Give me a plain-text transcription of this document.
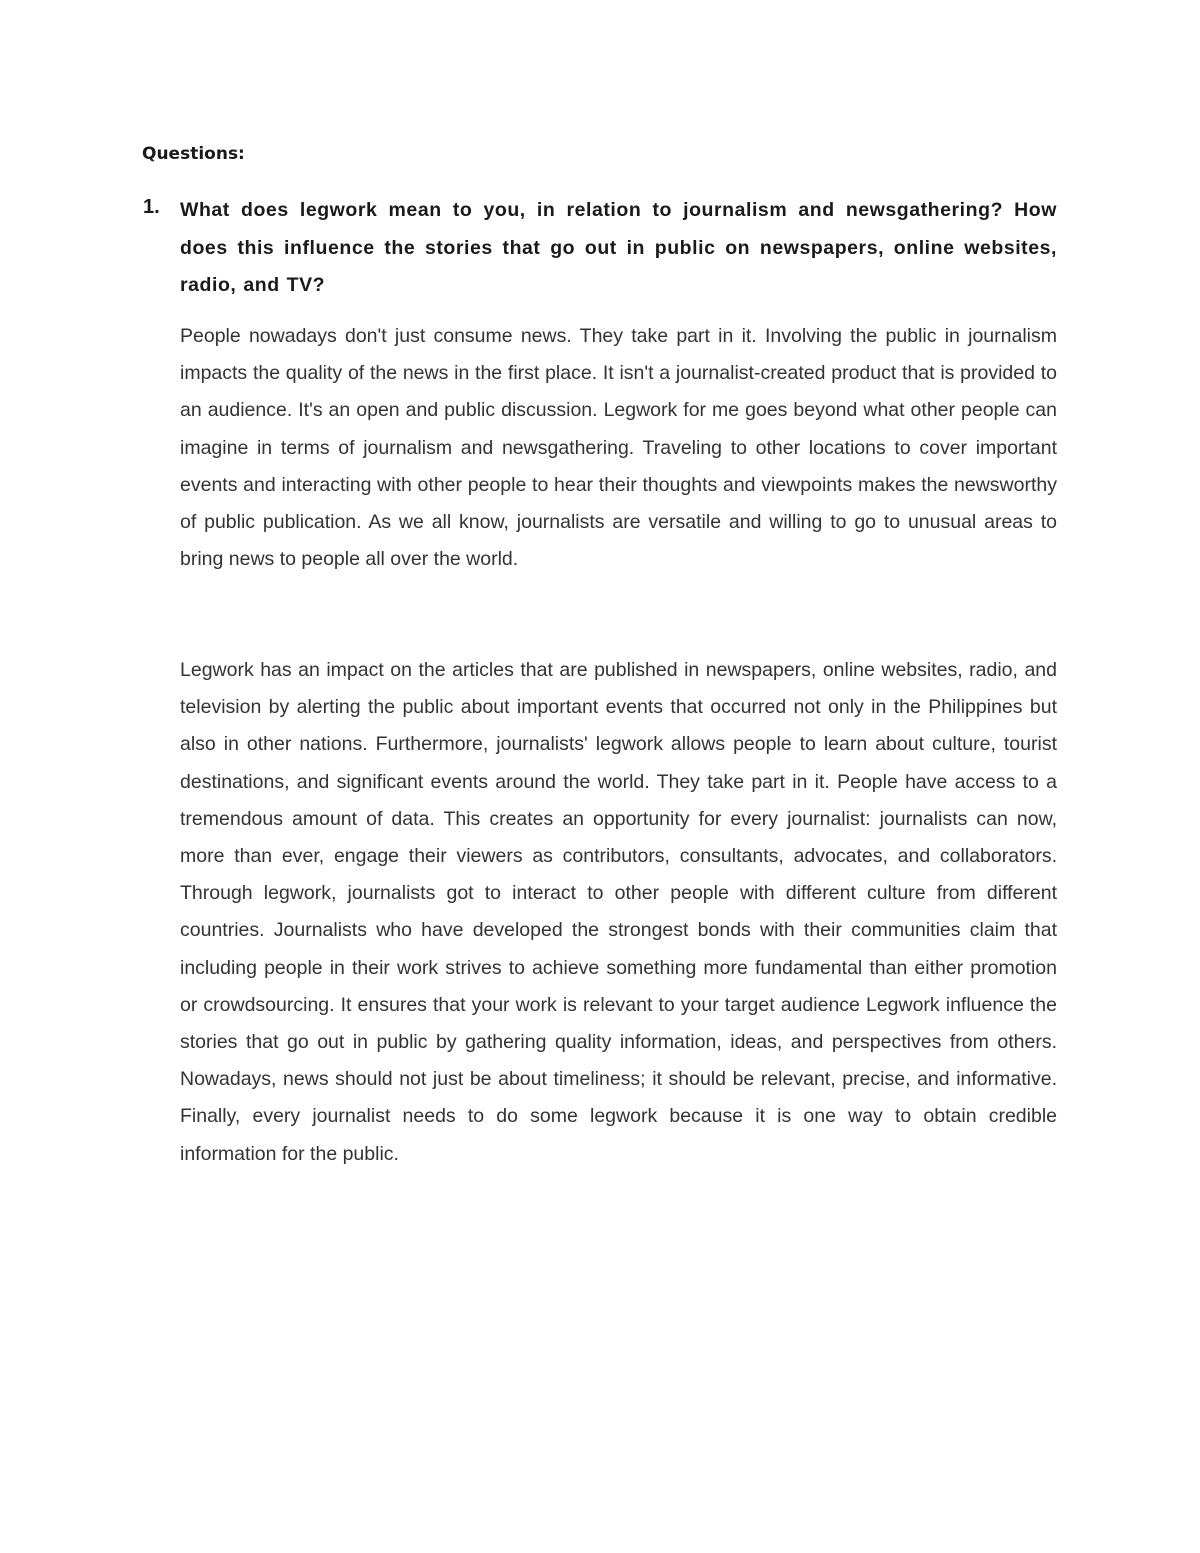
Questions:
1. What does legwork mean to you, in relation to journalism and newsgathering? How does this influence the stories that go out in public on newspapers, online websites, radio, and TV?

People nowadays don't just consume news. They take part in it. Involving the public in journalism impacts the quality of the news in the first place. It isn't a journalist-created product that is provided to an audience. It's an open and public discussion. Legwork for me goes beyond what other people can imagine in terms of journalism and newsgathering. Traveling to other locations to cover important events and interacting with other people to hear their thoughts and viewpoints makes the newsworthy of public publication. As we all know, journalists are versatile and willing to go to unusual areas to bring news to people all over the world.

Legwork has an impact on the articles that are published in newspapers, online websites, radio, and television by alerting the public about important events that occurred not only in the Philippines but also in other nations. Furthermore, journalists' legwork allows people to learn about culture, tourist destinations, and significant events around the world. They take part in it. People have access to a tremendous amount of data. This creates an opportunity for every journalist: journalists can now, more than ever, engage their viewers as contributors, consultants, advocates, and collaborators. Through legwork, journalists got to interact to other people with different culture from different countries. Journalists who have developed the strongest bonds with their communities claim that including people in their work strives to achieve something more fundamental than either promotion or crowdsourcing. It ensures that your work is relevant to your target audience Legwork influence the stories that go out in public by gathering quality information, ideas, and perspectives from others. Nowadays, news should not just be about timeliness; it should be relevant, precise, and informative. Finally, every journalist needs to do some legwork because it is one way to obtain credible information for the public.
